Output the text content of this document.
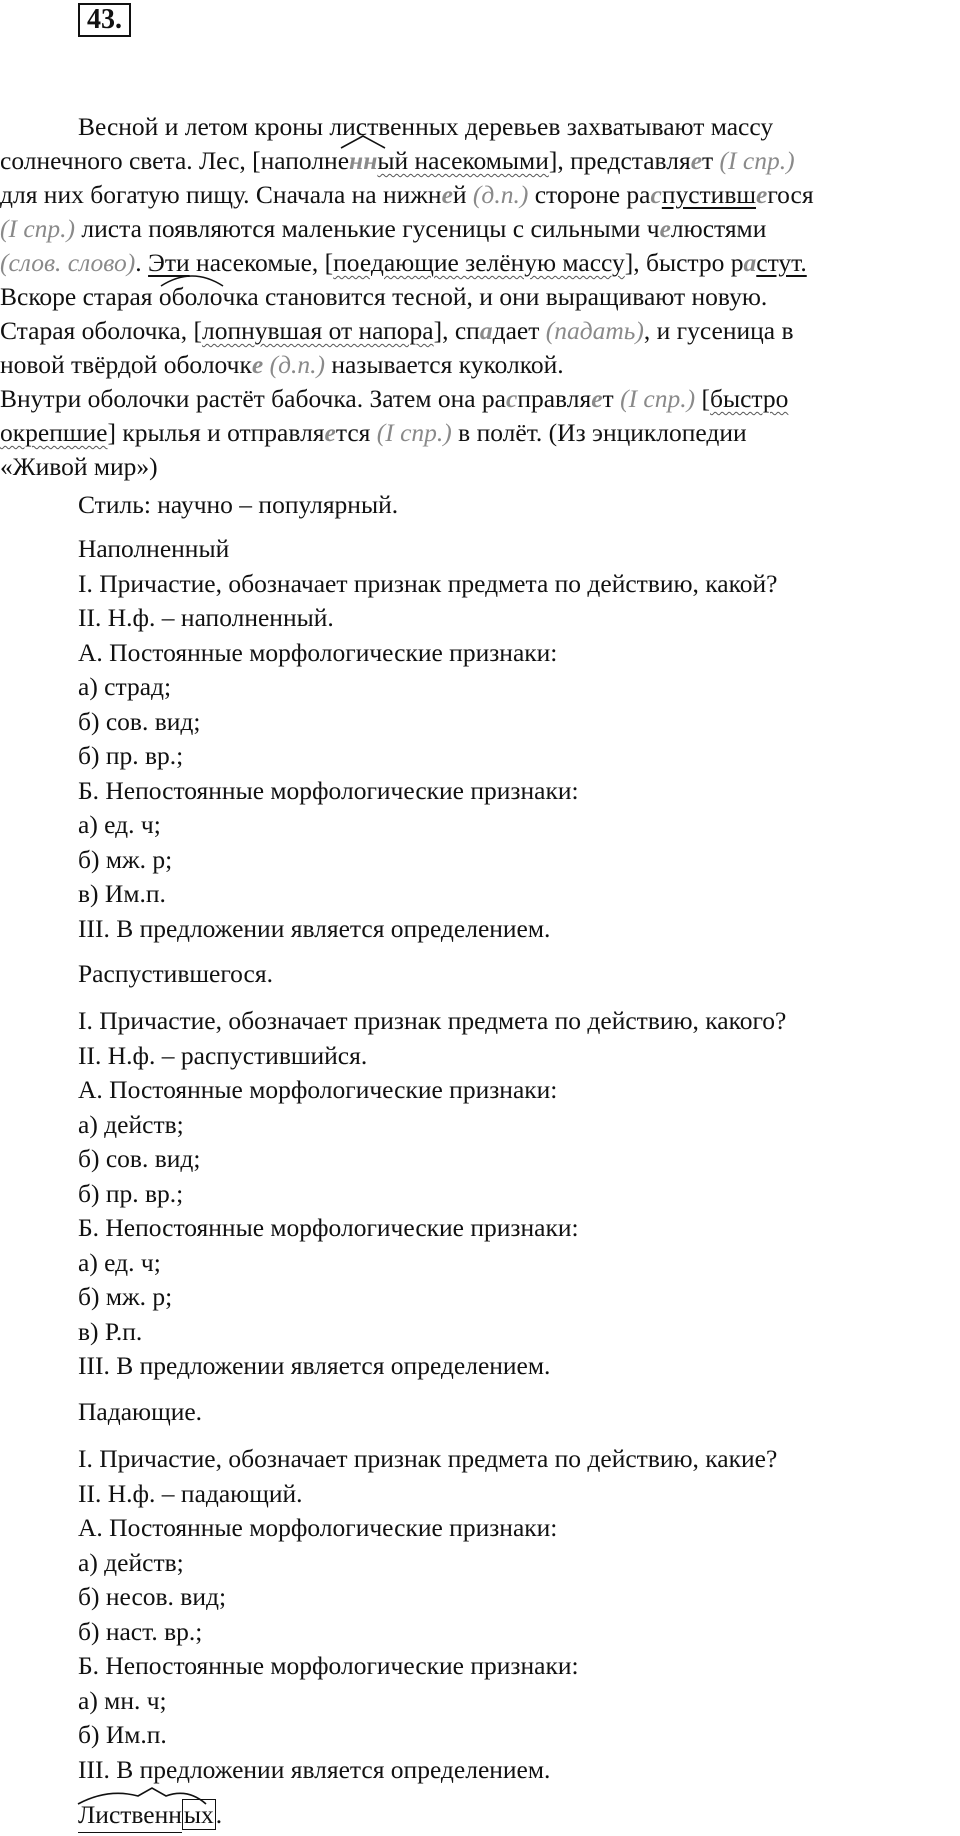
43.
Весной и летом кроны лиственных деревьев захватывают массу
солнечного света. Лес, [наполне
нный насекомыми], представляет (I спр.)
для них богатую пищу. Сначала на нижней (д.п.) стороне распустившегося
(I спр.) листа появляются маленькие гусеницы с сильными челюстями
(слов. слово). Эти насекомые, [поедающие зелёную массу], быстро растут.
Вскоре старая
оболочка становится тесной, и они выращивают новую.
Старая оболочка, [лопнувшая от напора], спадает (падать), и гусеница в
новой твёрдой оболочке (д.п.) называется куколкой.
Внутри оболочки растёт бабочка. Затем она расправляет (I спр.) [быстро
окрепшие] крылья и отправляется (I спр.) в полёт. (Из энциклопедии
«Живой мир»)
Стиль: научно – популярный.
Наполненный
I. Причастие, обозначает признак предмета по действию, какой?
II. Н.ф. – наполненный.
А. Постоянные морфологические признаки:
а) страд;
б) сов. вид;
б) пр. вр.;
Б. Непостоянные морфологические признаки:
а) ед. ч;
б) мж. р;
в) Им.п.
III. В предложении является определением.
Распустившегося.
I. Причастие, обозначает признак предмета по действию, какого?
II. Н.ф. – распустившийся.
А. Постоянные морфологические признаки:
а) действ;
б) сов. вид;
б) пр. вр.;
Б. Непостоянные морфологические признаки:
а) ед. ч;
б) мж. р;
в) Р.п.
III. В предложении является определением.
Падающие.
I. Причастие, обозначает признак предмета по действию, какие?
II. Н.ф. – падающий.
А. Постоянные морфологические признаки:
а) действ;
б) несов. вид;
б) наст. вр.;
Б. Непостоянные морфологические признаки:
а) мн. ч;
б) Им.п.
III. В предложении является определением.
Лиственных.
